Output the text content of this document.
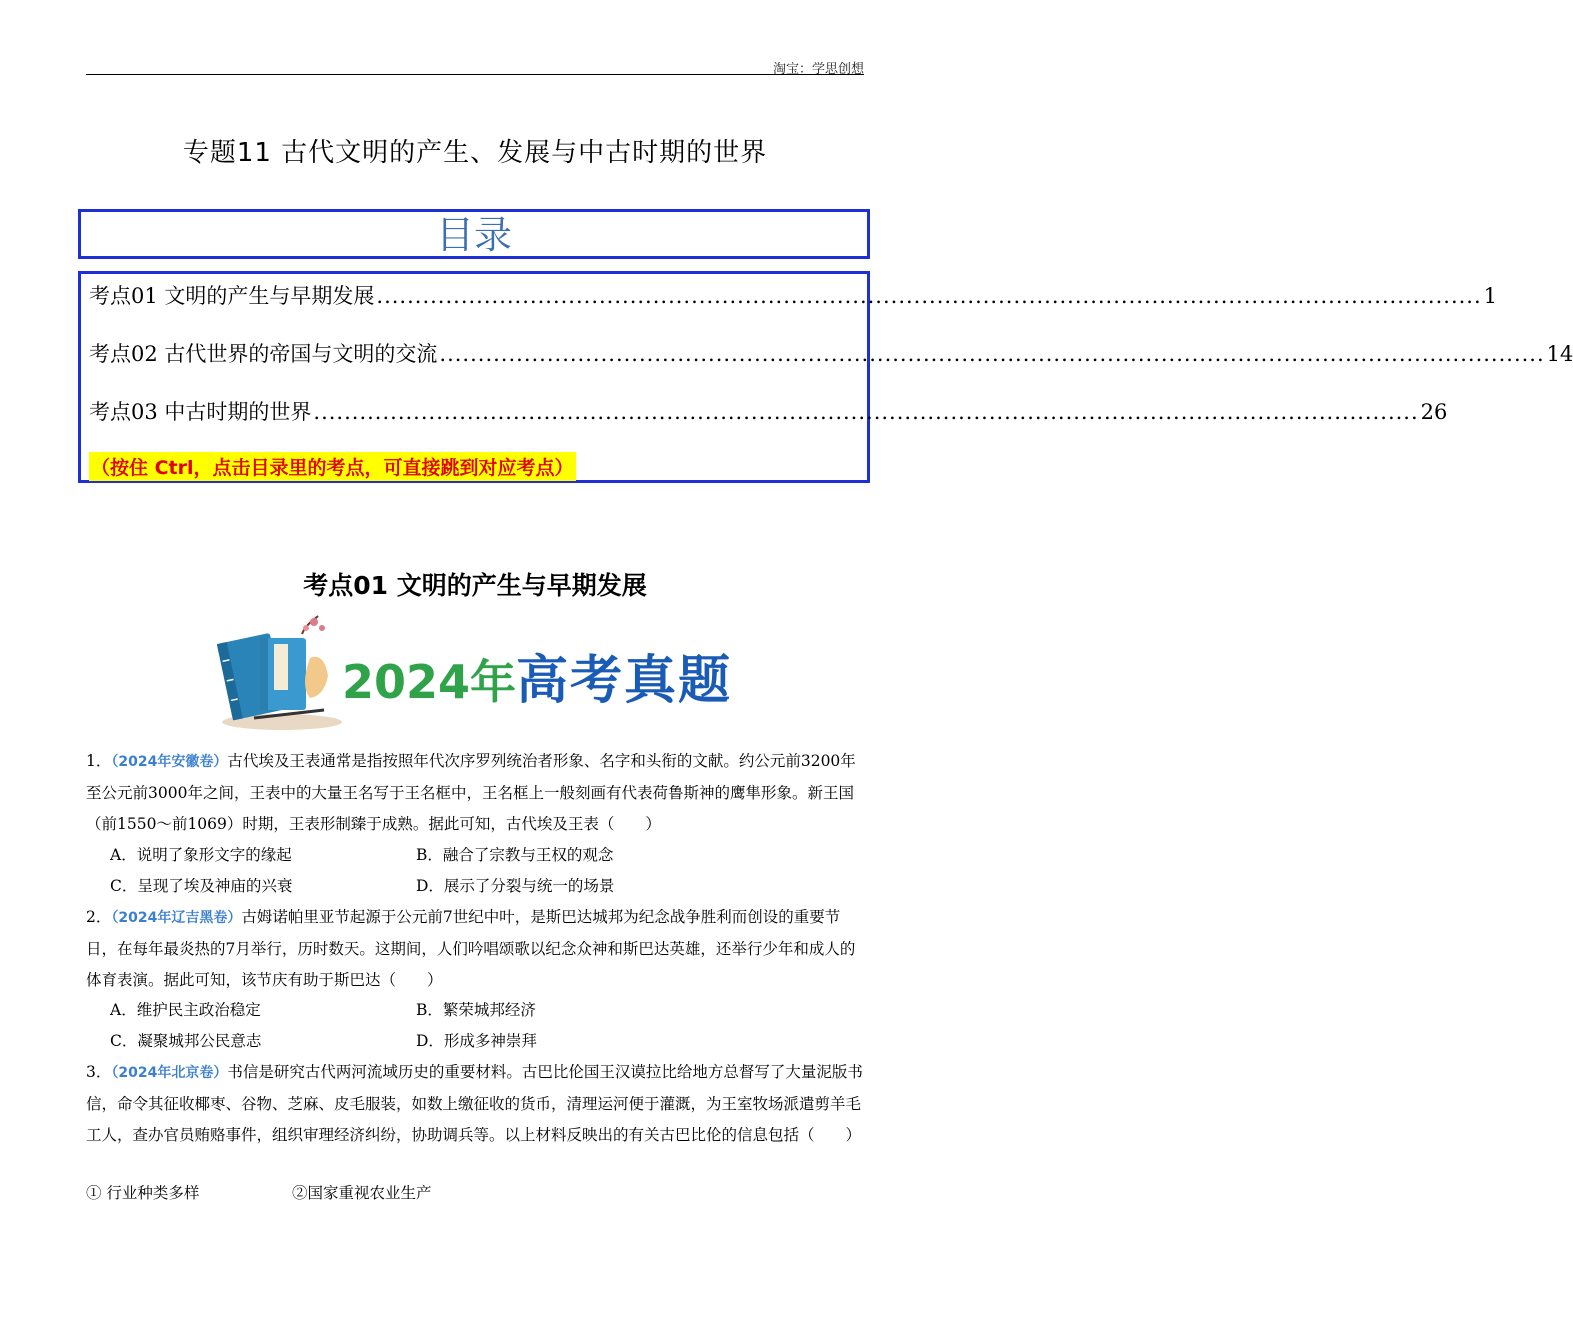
淘宝：学思创想
专题11 古代文明的产生、发展与中古时期的世界
目录
考点01 文明的产生与早期发展 ................................................................................................................................................ 1
考点02 古代世界的帝国与文明的交流 ................................................................................................................................................ 14
考点03 中古时期的世界 ................................................................................................................................................ 26
（按住 Ctrl，点击目录里的考点，可直接跳到对应考点）
考点01 文明的产生与早期发展
2024年高考真题
1．（2024年安徽卷）古代埃及王表通常是指按照年代次序罗列统治者形象、名字和头衔的文献。约公元前3200年至公元前3000年之间，王表中的大量王名写于王名框中，王名框上一般刻画有代表荷鲁斯神的鹰隼形象。新王国（前1550～前1069）时期，王表形制臻于成熟。据此可知，古代埃及王表（　　）
A．说明了象形文字的缘起	B．融合了宗教与王权的观念
C．呈现了埃及神庙的兴衰	D．展示了分裂与统一的场景
2．（2024年辽吉黑卷）古姆诺帕里亚节起源于公元前7世纪中叶，是斯巴达城邦为纪念战争胜利而创设的重要节日，在每年最炎热的7月举行，历时数天。这期间，人们吟唱颂歌以纪念众神和斯巴达英雄，还举行少年和成人的体育表演。据此可知，该节庆有助于斯巴达（　　）
A．维护民主政治稳定	B．繁荣城邦经济
C．凝聚城邦公民意志	D．形成多神崇拜
3．（2024年北京卷）书信是研究古代两河流域历史的重要材料。古巴比伦国王汉谟拉比给地方总督写了大量泥版书信，命令其征收椰枣、谷物、芝麻、皮毛服装，如数上缴征收的货币，清理运河便于灌溉，为王室牧场派遣剪羊毛工人，查办官员贿赂事件，组织审理经济纠纷，协助调兵等。以上材料反映出的有关古巴比伦的信息包括（　　）
① 行业种类多样	②国家重视农业生产
